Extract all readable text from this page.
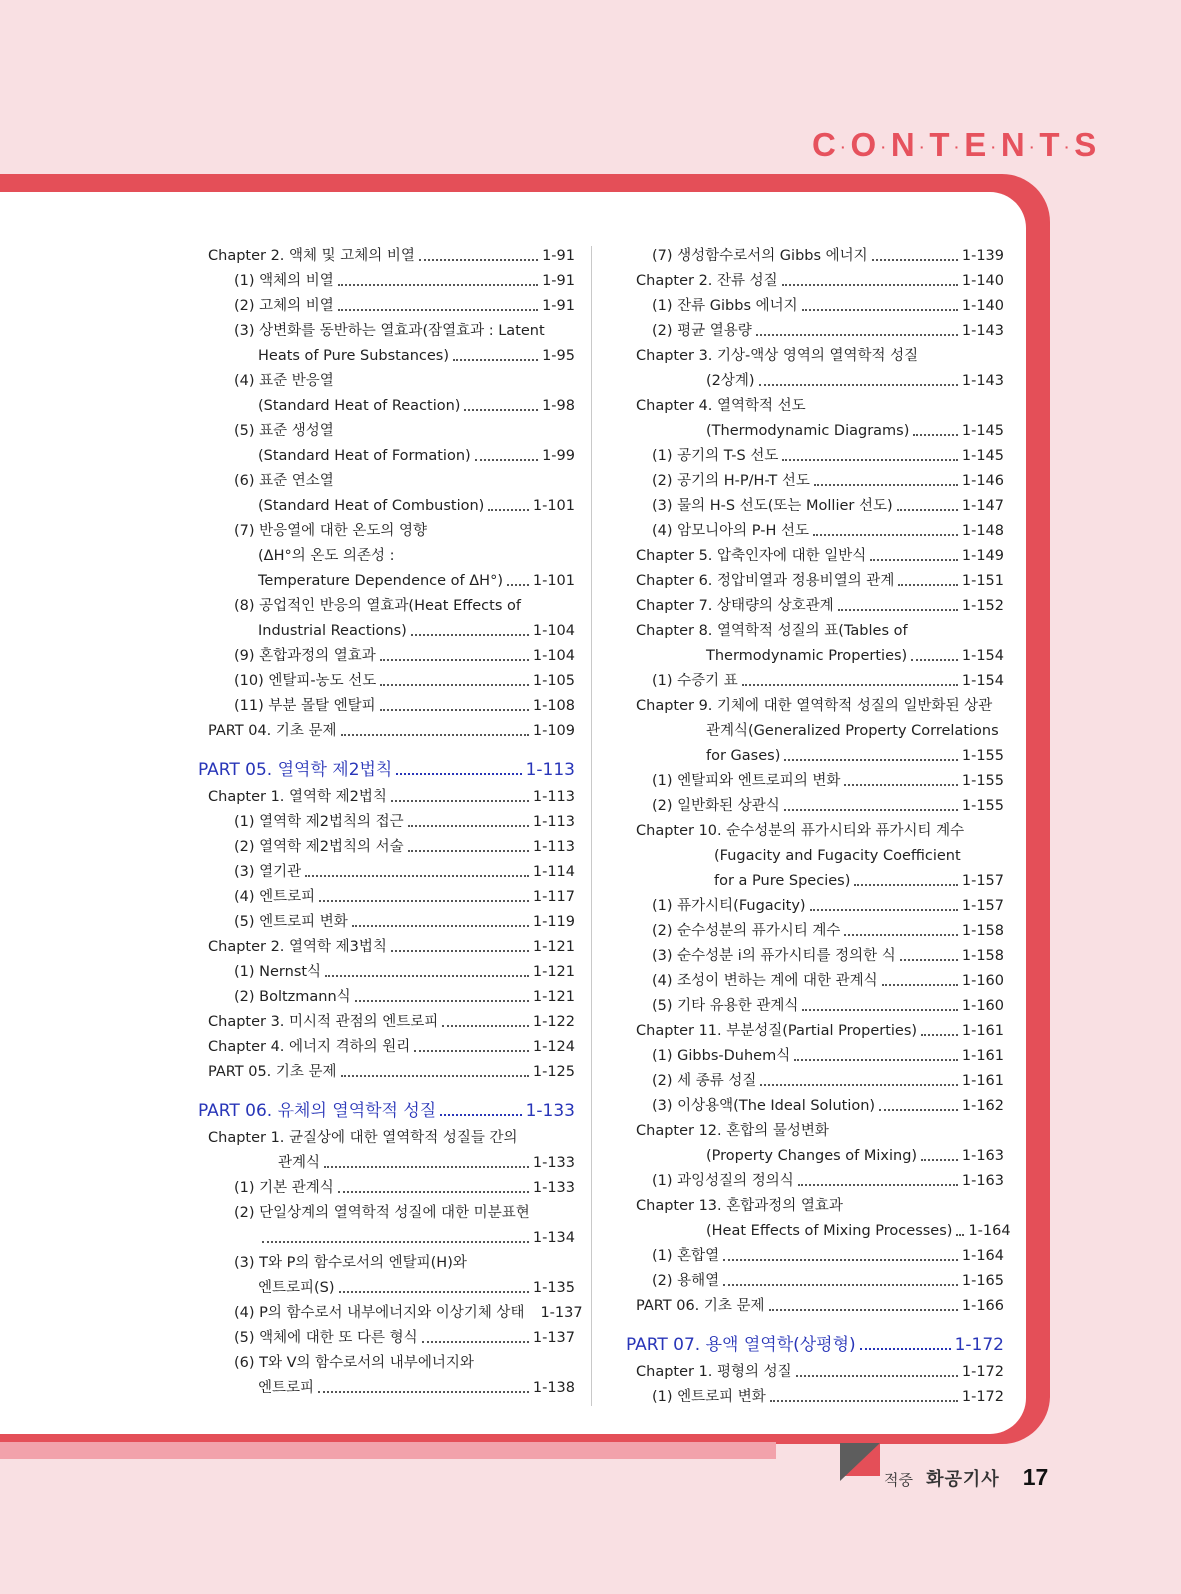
C ·O ·N ·T ·E ·N ·T ·S
Chapter 2. 액체 및 고체의 비열	1-91
(1) 액체의 비열	1-91
(2) 고체의 비열	1-91
(3) 상변화를 동반하는 열효과(잠열효과 : Latent
Heats of Pure Substances)	1-95
(4) 표준 반응열
(Standard Heat of Reaction)	1-98
(5) 표준 생성열
(Standard Heat of Formation)	1-99
(6) 표준 연소열
(Standard Heat of Combustion)	1-101
(7) 반응열에 대한 온도의 영향
(ΔH°의 온도 의존성 :
Temperature Dependence of ΔH°) 1-101
(8) 공업적인 반응의 열효과(Heat Effects of
Industrial Reactions)	1-104
(9) 혼합과정의 열효과	1-104
(10) 엔탈피-농도 선도	1-105
(11) 부분 몰탈 엔탈피	1-108
PART 04. 기초 문제	1-109
PART 05. 열역학 제2법칙	1-113
Chapter 1. 열역학 제2법칙	1-113
(1) 열역학 제2법칙의 접근	1-113
(2) 열역학 제2법칙의 서술	1-113
(3) 열기관	1-114
(4) 엔트로피	1-117
(5) 엔트로피 변화	1-119
Chapter 2. 열역학 제3법칙	1-121
(1) Nernst식	1-121
(2) Boltzmann식	1-121
Chapter 3. 미시적 관점의 엔트로피	1-122
Chapter 4. 에너지 격하의 원리	1-124
PART 05. 기초 문제	1-125
PART 06. 유체의 열역학적 성질	1-133
Chapter 1. 균질상에 대한 열역학적 성질들 간의
관계식	1-133
(1) 기본 관계식	1-133
(2) 단일상계의 열역학적 성질에 대한 미분표현
1-134
(3) T와 P의 함수로서의 엔탈피(H)와
엔트로피(S)	1-135
(4) P의 함수로서 내부에너지와 이상기체 상태 1-137
(5) 액체에 대한 또 다른 형식	1-137
(6) T와 V의 함수로서의 내부에너지와
엔트로피	1-138
(7) 생성함수로서의 Gibbs 에너지	1-139
Chapter 2. 잔류 성질	1-140
(1) 잔류 Gibbs 에너지	1-140
(2) 평균 열용량	1-143
Chapter 3. 기상-액상 영역의 열역학적 성질
(2상계)	1-143
Chapter 4. 열역학적 선도
(Thermodynamic Diagrams)	1-145
(1) 공기의 T-S 선도	1-145
(2) 공기의 H-P/H-T 선도	1-146
(3) 물의 H-S 선도(또는 Mollier 선도)	1-147
(4) 암모니아의 P-H 선도	1-148
Chapter 5. 압축인자에 대한 일반식	1-149
Chapter 6. 정압비열과 정용비열의 관계	1-151
Chapter 7. 상태량의 상호관계	1-152
Chapter 8. 열역학적 성질의 표(Tables of
Thermodynamic Properties)	1-154
(1) 수증기 표	1-154
Chapter 9. 기체에 대한 열역학적 성질의 일반화된 상관
관계식(Generalized Property Correlations
for Gases)	1-155
(1) 엔탈피와 엔트로피의 변화	1-155
(2) 일반화된 상관식	1-155
Chapter 10. 순수성분의 퓨가시티와 퓨가시티 계수
(Fugacity and Fugacity Coefficient
for a Pure Species)	1-157
(1) 퓨가시티(Fugacity)	1-157
(2) 순수성분의 퓨가시티 계수	1-158
(3) 순수성분 i의 퓨가시티를 정의한 식	1-158
(4) 조성이 변하는 계에 대한 관계식	1-160
(5) 기타 유용한 관계식	1-160
Chapter 11. 부분성질(Partial Properties)	1-161
(1) Gibbs-Duhem식	1-161
(2) 세 종류 성질	1-161
(3) 이상용액(The Ideal Solution)	1-162
Chapter 12. 혼합의 물성변화
(Property Changes of Mixing)	1-163
(1) 과잉성질의 정의식	1-163
Chapter 13. 혼합과정의 열효과
(Heat Effects of Mixing Processes) 1-164
(1) 혼합열	1-164
(2) 용해열	1-165
PART 06. 기초 문제	1-166
PART 07. 용액 열역학(상평형)	1-172
Chapter 1. 평형의 성질	1-172
(1) 엔트로피 변화	1-172
적중 화공기사 17
